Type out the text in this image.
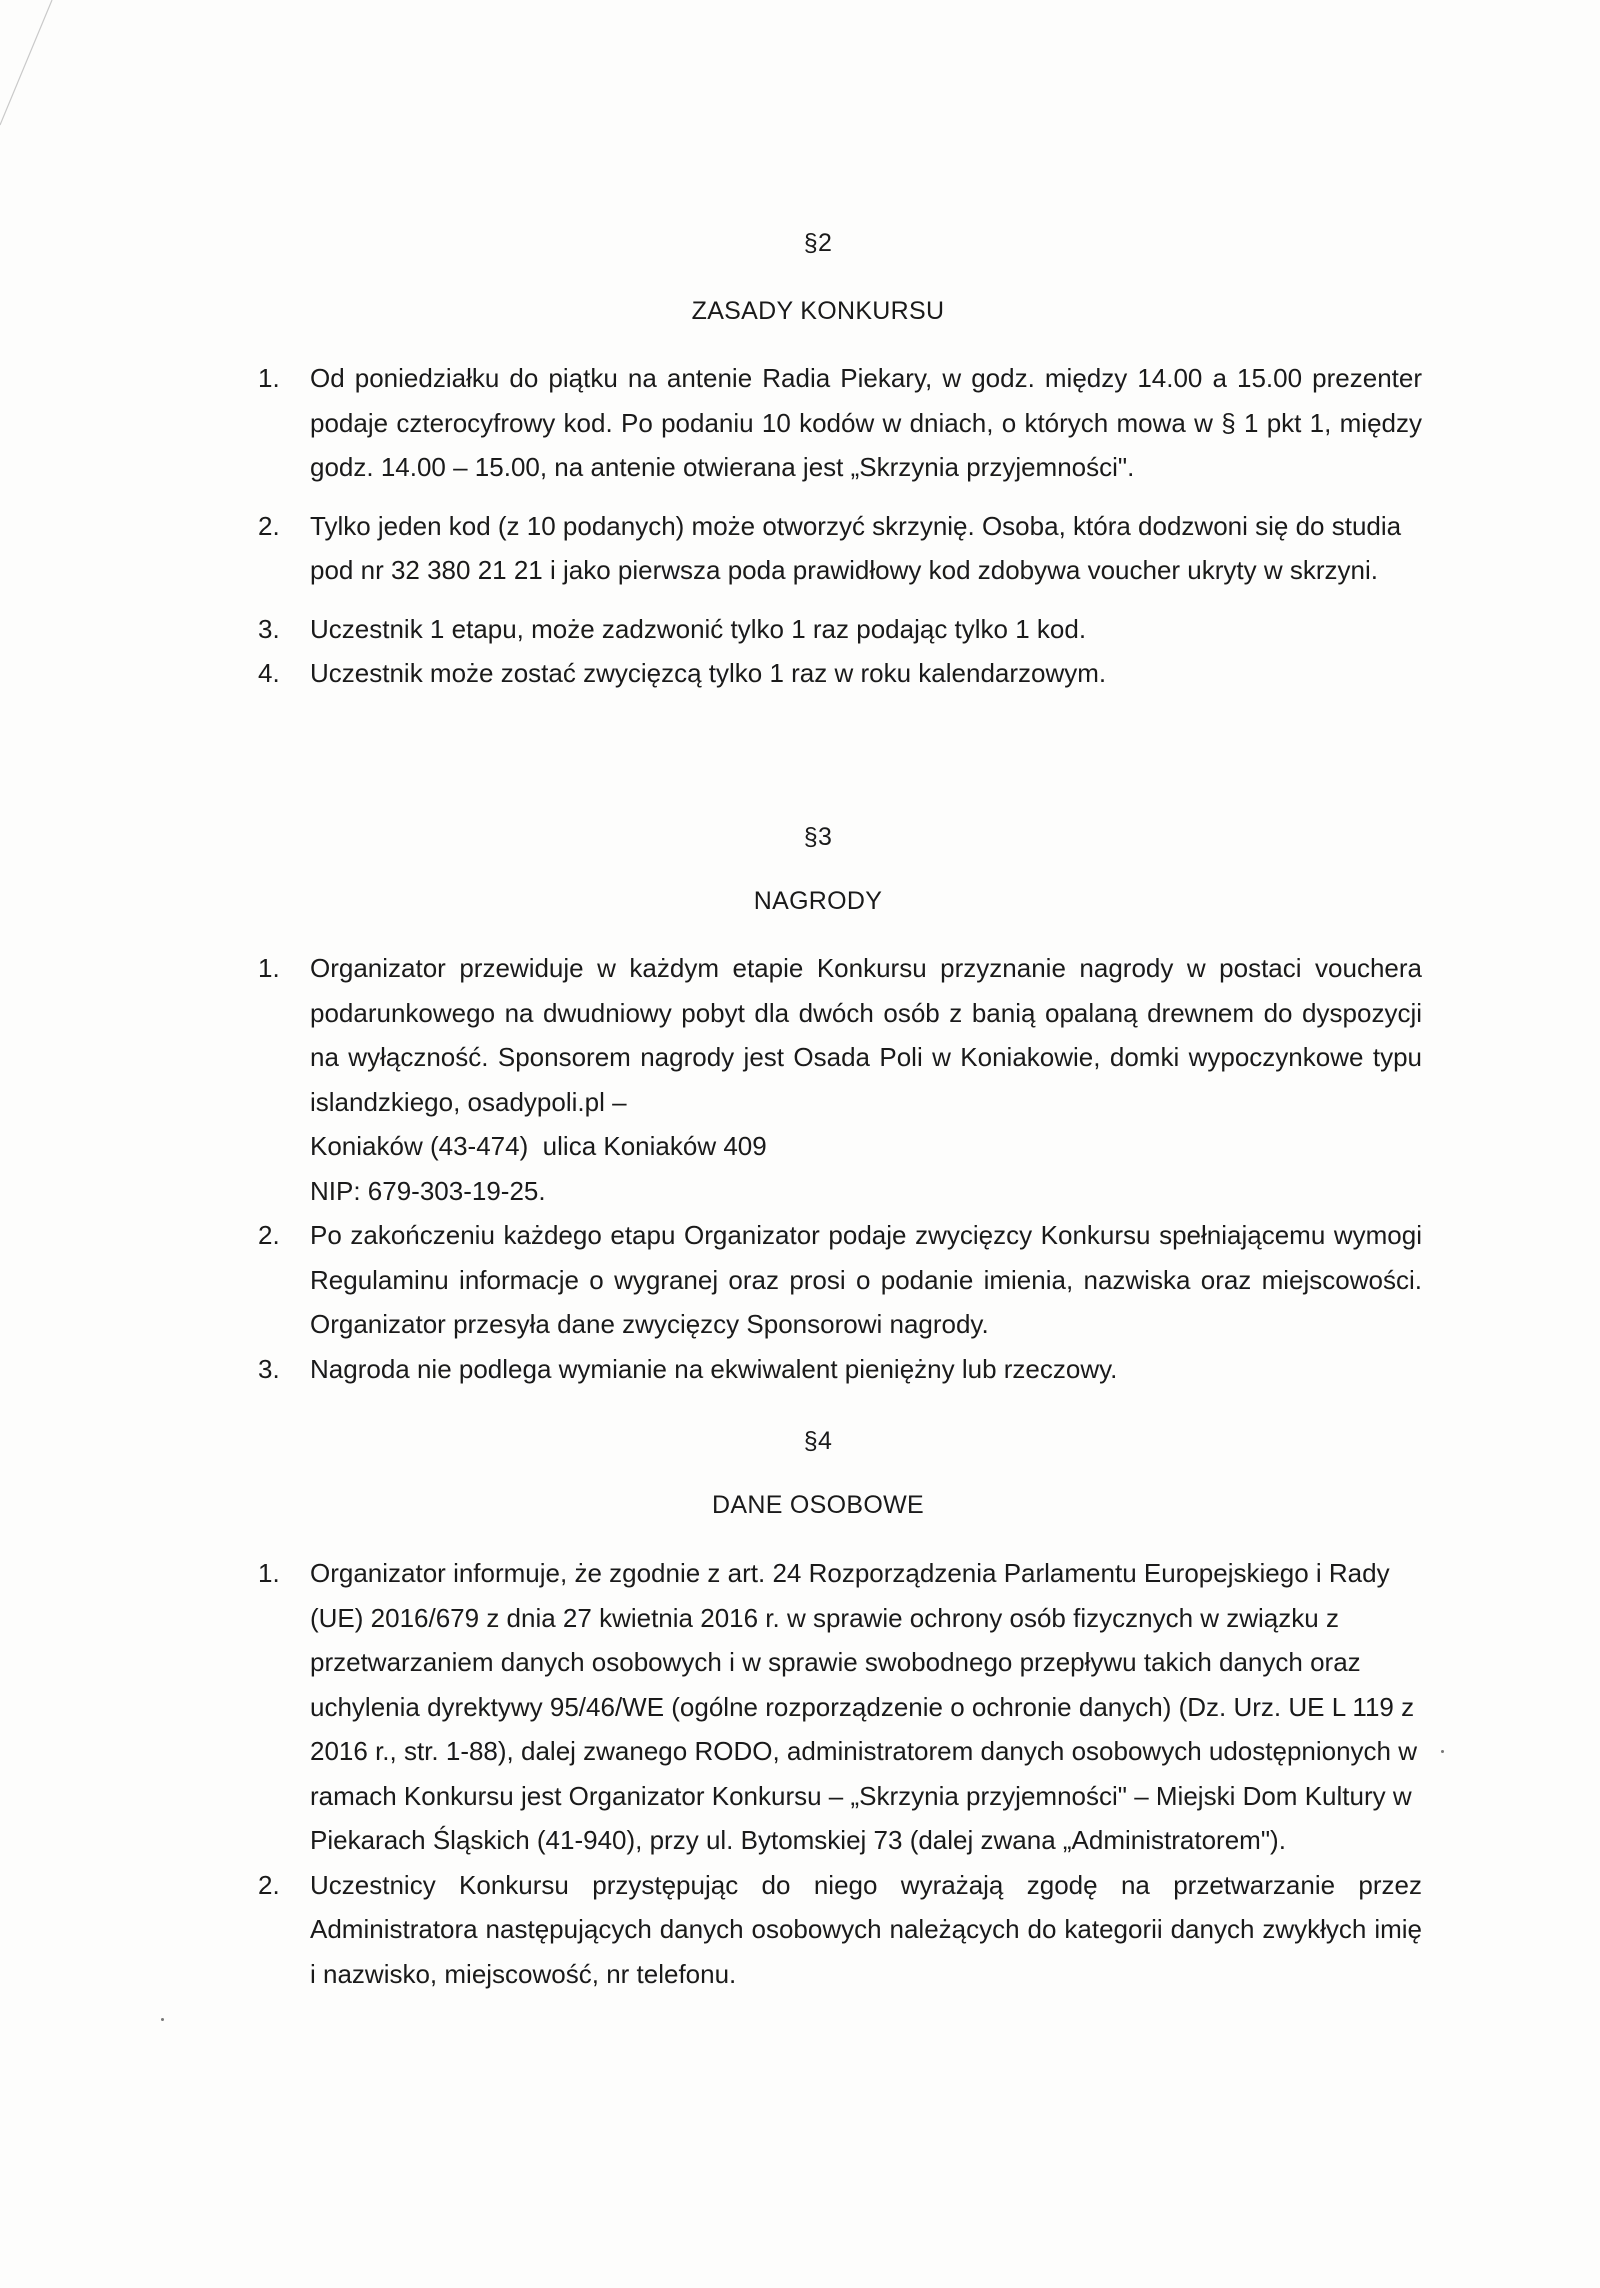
§2
ZASADY KONKURSU
1. Od poniedziałku do piątku na antenie Radia Piekary, w godz. między 14.00 a 15.00 prezenter podaje czterocyfrowy kod. Po podaniu 10 kodów w dniach, o których mowa w § 1 pkt 1, między godz. 14.00 – 15.00, na antenie otwierana jest „Skrzynia przyjemności".
2. Tylko jeden kod (z 10 podanych) może otworzyć skrzynię. Osoba, która dodzwoni się do studia pod nr 32 380 21 21 i jako pierwsza poda prawidłowy kod zdobywa voucher ukryty w skrzyni.
3. Uczestnik 1 etapu, może zadzwonić tylko 1 raz podając tylko 1 kod.
4. Uczestnik może zostać zwycięzcą tylko 1 raz w roku kalendarzowym.
§3
NAGRODY
1. Organizator przewiduje w każdym etapie Konkursu przyznanie nagrody w postaci vouchera podarunkowego na dwudniowy pobyt dla dwóch osób z banią opalaną drewnem do dyspozycji na wyłączność. Sponsorem nagrody jest Osada Poli w Koniakowie, domki wypoczynkowe typu islandzkiego, osadypoli.pl –
Koniaków (43-474)  ulica Koniaków 409
NIP: 679-303-19-25.
2. Po zakończeniu każdego etapu Organizator podaje zwycięzcy Konkursu spełniającemu wymogi Regulaminu informacje o wygranej oraz prosi o podanie imienia, nazwiska oraz miejscowości. Organizator przesyła dane zwycięzcy Sponsorowi nagrody.
3. Nagroda nie podlega wymianie na ekwiwalent pieniężny lub rzeczowy.
§4
DANE OSOBOWE
1. Organizator informuje, że zgodnie z art. 24 Rozporządzenia Parlamentu Europejskiego i Rady (UE) 2016/679 z dnia 27 kwietnia 2016 r. w sprawie ochrony osób fizycznych w związku z przetwarzaniem danych osobowych i w sprawie swobodnego przepływu takich danych oraz uchylenia dyrektywy 95/46/WE (ogólne rozporządzenie o ochronie danych) (Dz. Urz. UE L 119 z 2016 r., str. 1-88), dalej zwanego RODO, administratorem danych osobowych udostępnionych w ramach Konkursu jest Organizator Konkursu – „Skrzynia przyjemności" – Miejski Dom Kultury w Piekarach Śląskich (41-940), przy ul. Bytomskiej 73 (dalej zwana „Administratorem").
2. Uczestnicy Konkursu przystępując do niego wyrażają zgodę na przetwarzanie przez Administratora następujących danych osobowych należących do kategorii danych zwykłych imię i nazwisko, miejscowość, nr telefonu.
